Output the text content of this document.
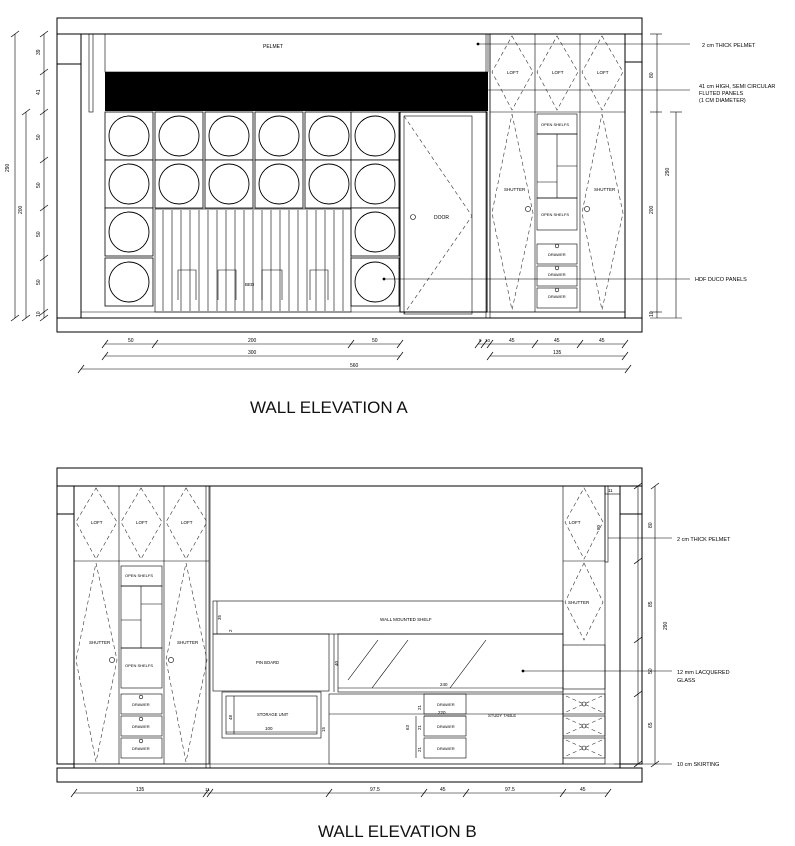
PELMET
BED
DOOR
LOFT	LOFT	LOFT
SHUTTER	SHUTTER
OPEN SHELFS
OPEN SHELFS
DRAWER
DRAWER
DRAWER
2 cm THICK PELMET
41 cm HIGH, SEMI CIRCULAR
FLUTED PANELS
(1 CM DIAMETER)
HDF DUCO PANELS
290
200
39
41
50
50
50
50
10
80
290
200
10
50	200	50
300
560
9 10	45	45	45
135
WALL ELEVATION A
LOFT	LOFT	LOFT
SHUTTER	SHUTTER
OPEN SHELFS
OPEN SHELFS
DRAWER
DRAWER
DRAWER
LOFT
SHUTTER
WALL MOUNTED SHELF
PIN BOARD
STORAGE UNIT
DRAWER
DRAWER
DRAWER
STUDY TABLE
35
2
40
240
48
100	15
220
63
21
21
21
11
80
2 cm THICK PELMET
12 mm LACQUERED
GLASS
10 cm SKIRTING
80
85
290
50
65
135	11	97.5	45	97.5	45
WALL ELEVATION B
